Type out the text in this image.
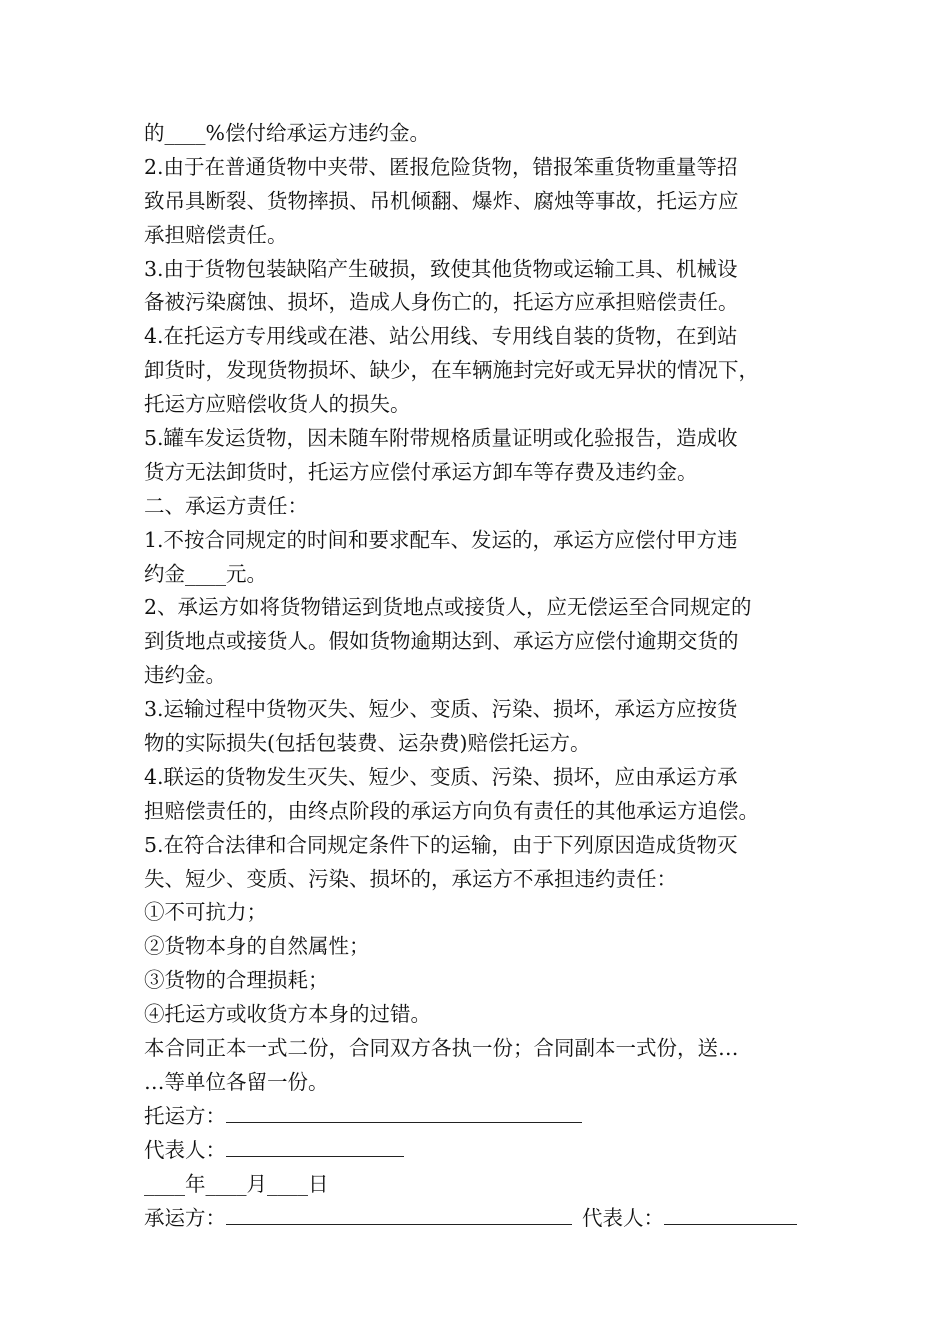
的____%偿付给承运方违约金。
2.由于在普通货物中夹带、匿报危险货物，错报笨重货物重量等招
致吊具断裂、货物摔损、吊机倾翻、爆炸、腐烛等事故，托运方应
承担赔偿责任。
3.由于货物包装缺陷产生破损，致使其他货物或运输工具、机械设
备被污染腐蚀、损坏，造成人身伤亡的，托运方应承担赔偿责任。
4.在托运方专用线或在港、站公用线、专用线自装的货物，在到站
卸货时，发现货物损坏、缺少，在车辆施封完好或无异状的情况下，
托运方应赔偿收货人的损失。
5.罐车发运货物，因未随车附带规格质量证明或化验报告，造成收
货方无法卸货时，托运方应偿付承运方卸车等存费及违约金。
二、承运方责任：
1.不按合同规定的时间和要求配车、发运的，承运方应偿付甲方违
约金____元。
2、承运方如将货物错运到货地点或接货人，应无偿运至合同规定的
到货地点或接货人。假如货物逾期达到、承运方应偿付逾期交货的
违约金。
3.运输过程中货物灭失、短少、变质、污染、损坏，承运方应按货
物的实际损失(包括包装费、运杂费)赔偿托运方。
4.联运的货物发生灭失、短少、变质、污染、损坏，应由承运方承
担赔偿责任的，由终点阶段的承运方向负有责任的其他承运方追偿。
5.在符合法律和合同规定条件下的运输，由于下列原因造成货物灭
失、短少、变质、污染、损坏的，承运方不承担违约责任：
①不可抗力；
②货物本身的自然属性；
③货物的合理损耗；
④托运方或收货方本身的过错。
本合同正本一式二份，合同双方各执一份；合同副本一式份，送…
…等单位各留一份。
托运方：
代表人：
____年____月____日
承运方：	代表人：
